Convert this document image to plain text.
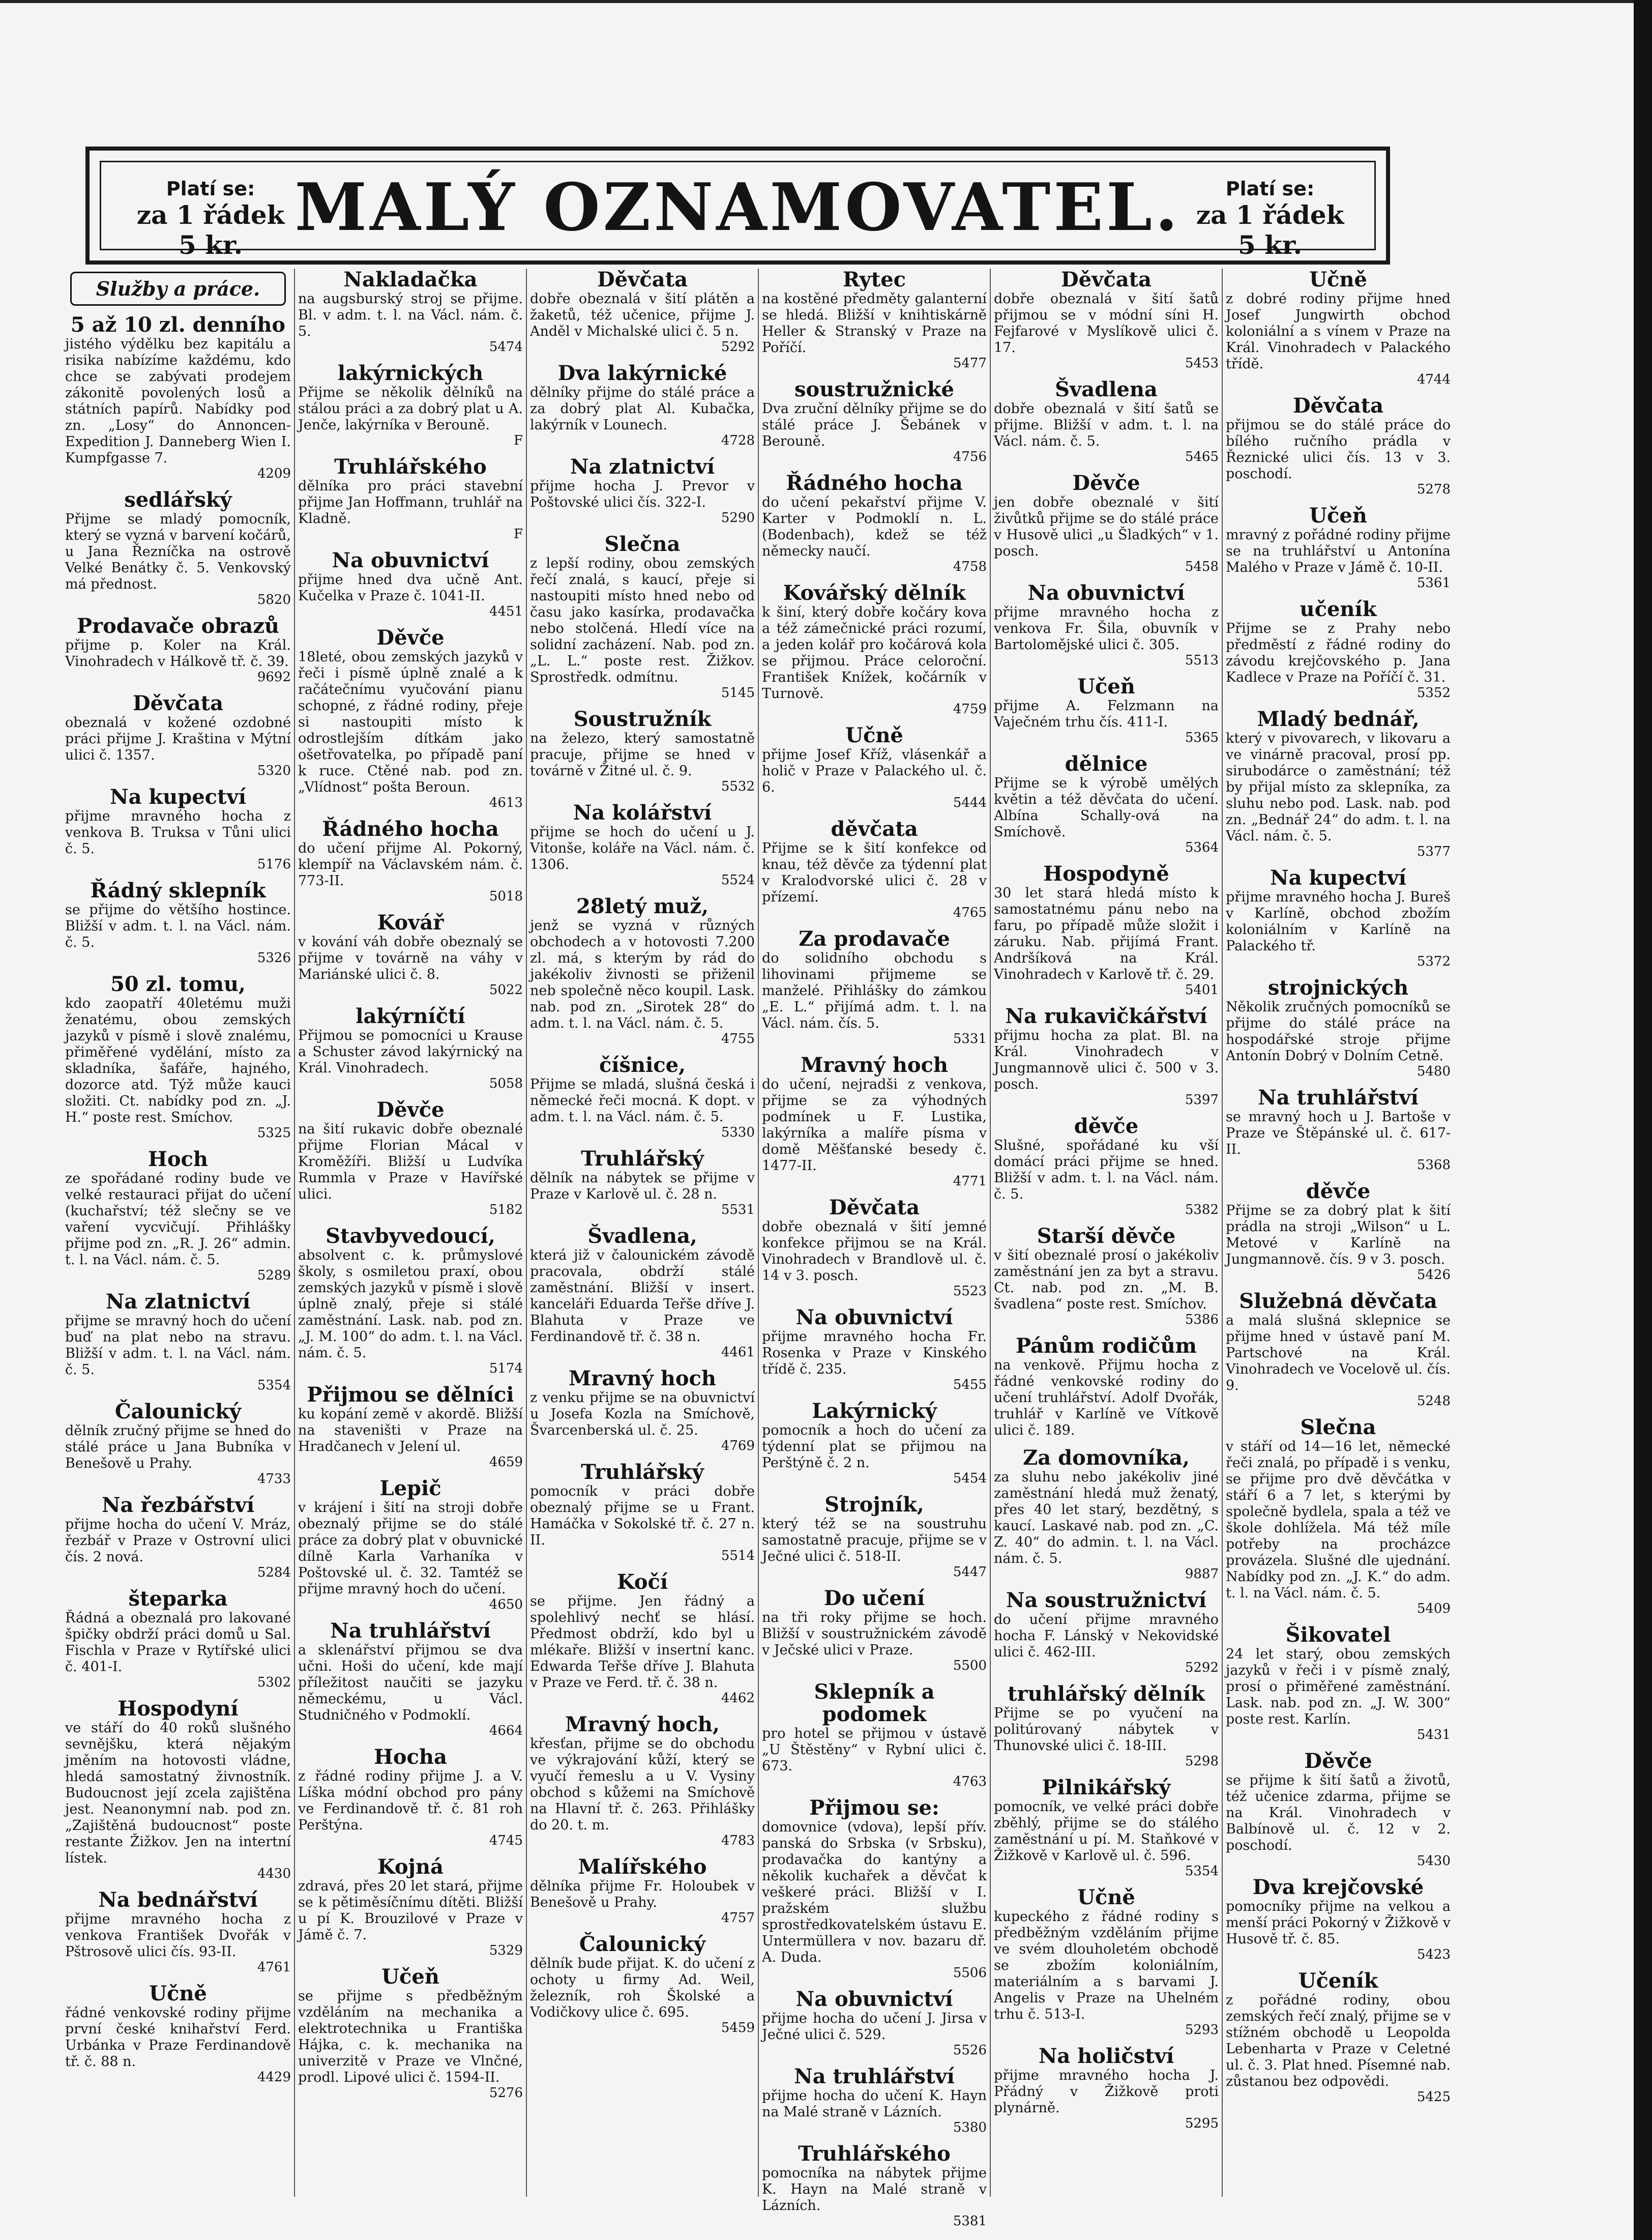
Platí se:
za 1 řádek 5 kr. MALÝ OZNAMOVATEL.	Platí se:
za 1 řádek 5 kr.
Služby a práce.
5 až 10 zl. denního
jistého výdělku bez kapitálu a risika nabízíme každému, kdo chce se zabývati prodejem zákonitě povolených losů a státních papírů. Nabídky pod zn. „Losy“ do Annoncen-Expedition J. Danneberg Wien I. Kumpfgasse 7.
4209
sedlářský
Přijme se mladý pomocník, který se vyzná v barvení kočárů, u Jana Řezníčka na ostrově Velké Benátky č. 5. Venkovský má přednost.
5820
Prodavače obrazů
přijme p. Koler na Král. Vinohradech v Hálkově tř. č. 39.
9692
Děvčata
obeznalá v kožené ozdobné práci přijme J. Kraština v Mýtní ulici č. 1357.
5320
Na kupectví
přijme mravného hocha z venkova B. Truksa v Tůni ulici č. 5.
5176
Řádný sklepník
se přijme do většího hostince. Bližší v adm. t. l. na Václ. nám. č. 5.
5326
50 zl. tomu,
kdo zaopatří 40letému muži ženatému, obou zemských jazyků v písmě i slově znalému, přiměřené vydělání, místo za skladníka, šafáře, hajného, dozorce atd. Týž může kauci složiti. Ct. nabídky pod zn. „J. H.“ poste rest. Smíchov.
5325
Hoch
ze spořádané rodiny bude ve velké restauraci přijat do učení (kuchařství; též slečny se ve vaření vycvičují. Přihlášky přijme pod zn. „R. J. 26“ admin. t. l. na Václ. nám. č. 5.
5289
Na zlatnictví
přijme se mravný hoch do učení buď na plat nebo na stravu. Bližší v adm. t. l. na Václ. nám. č. 5.
5354
Čalounický
dělník zručný přijme se hned do stálé práce u Jana Bubníka v Benešově u Prahy.
4733
Na řezbářství
přijme hocha do učení V. Mráz, řezbář v Praze v Ostrovní ulici čís. 2 nová.
5284
šteparka
Řádná a obeznalá pro lakované špičky obdrží práci domů u Sal. Fischla v Praze v Rytířské ulici č. 401-I.
5302
Hospodyní
ve stáří do 40 roků slušného sevnějšku, která nějakým jměním na hotovosti vládne, hledá samostatný živnostník. Budoucnost její zcela zajištěna jest. Neanonymní nab. pod zn. „Zajištěná budoucnost“ poste restante Žižkov. Jen na intertní lístek.
4430
Na bednářství
přijme mravného hocha z venkova František Dvořák v Pštrosově ulici čís. 93-II.
4761
Učně
řádné venkovské rodiny přijme první české knihařství Ferd. Urbánka v Praze Ferdinandově tř. č. 88 n.
4429
Nakladačka
na augsburský stroj se přijme. Bl. v adm. t. l. na Václ. nám. č. 5.
5474
lakýrnických
Přijme se několik dělníků na stálou práci a za dobrý plat u A. Jenče, lakýrníka v Berouně.
F
Truhlářského
dělníka pro práci stavební přijme Jan Hoffmann, truhlář na Kladně.
F
Na obuvnictví
přijme hned dva učně Ant. Kučelka v Praze č. 1041-II.
4451
Děvče
18leté, obou zemských jazyků v řeči i písmě úplně znalé a k račátečnímu vyučování pianu schopné, z řádné rodiny, přeje si nastoupiti místo k odrostlejším dítkám jako ošetřovatelka, po případě paní k ruce. Ctěné nab. pod zn. „Vlídnost“ pošta Beroun.
4613
Řádného hocha
do učení přijme Al. Pokorný, klempíř na Václavském nám. č. 773-II.
5018
Kovář
v kování váh dobře obeznalý se přijme v továrně na váhy v Mariánské ulici č. 8.
5022
lakýrníčtí
Přijmou se pomocníci u Krause a Schuster závod lakýrnický na Král. Vinohradech.
5058
Děvče
na šití rukavic dobře obeznalé přijme Florian Mácal v Kroměžíři. Bližší u Ludvíka Rummla v Praze v Havířské ulici.
5182
Stavbyvedoucí,
absolvent c. k. průmyslové školy, s osmiletou praxí, obou zemských jazyků v písmě i slově úplně znalý, přeje si stálé zaměstnání. Lask. nab. pod zn. „J. M. 100“ do adm. t. l. na Václ. nám. č. 5.
5174
Přijmou se dělníci
ku kopání země v akordě. Bližší na staveništi v Praze na Hradčanech v Jelení ul.
4659
Lepič
v krájení i šití na stroji dobře obeznalý přijme se do stálé práce za dobrý plat v obuvnické dílně Karla Varhaníka v Poštovské ul. č. 32. Tamtéž se přijme mravný hoch do učení.
4650
Na truhlářství
a sklenářství přijmou se dva učni. Hoši do učení, kde mají příležitost naučiti se jazyku německému, u Václ. Studničného v Podmoklí.
4664
Hocha
z řádné rodiny přijme J. a V. Líška módní obchod pro pány ve Ferdinandově tř. č. 81 roh Perštýna.
4745
Kojná
zdravá, přes 20 let stará, přijme se k pětiměsíčnímu dítěti. Bližší u pí K. Brouzilové v Praze v Jámě č. 7.
5329
Učeň
se přijme s předběžným vzděláním na mechanika a elektrotechnika u Františka Hájka, c. k. mechanika na univerzitě v Praze ve Vlnčné, prodl. Lipové ulici č. 1594-II.
5276
Děvčata
dobře obeznalá v šití plátěn a žaketů, též učenice, přijme J. Anděl v Michalské ulici č. 5 n.
5292
Dva lakýrnické
dělníky přijme do stálé práce a za dobrý plat Al. Kubačka, lakýrník v Lounech.
4728
Na zlatnictví
přijme hocha J. Prevor v Poštovské ulici čís. 322-I.
5290
Slečna
z lepší rodiny, obou zemských řečí znalá, s kaucí, přeje si nastoupiti místo hned nebo od času jako kasírka, prodavačka nebo stolčená. Hledí více na solidní zacházení. Nab. pod zn. „L. L.“ poste rest. Žižkov. Sprostředk. odmítnu.
5145
Soustružník
na železo, který samostatně pracuje, přijme se hned v továrně v Žitné ul. č. 9.
5532
Na kolářství
přijme se hoch do učení u J. Vitonše, koláře na Václ. nám. č. 1306.
5524
28letý muž,
jenž se vyzná v různých obchodech a v hotovosti 7.200 zl. má, s kterým by rád do jakékoliv živnosti se přiženil neb společně něco koupil. Lask. nab. pod zn. „Sirotek 28“ do adm. t. l. na Václ. nám. č. 5.
4755
číšnice,
Přijme se mladá, slušná česká i německé řeči mocná. K dopt. v adm. t. l. na Václ. nám. č. 5.
5330
Truhlářský
dělník na nábytek se přijme v Praze v Karlově ul. č. 28 n.
5531
Švadlena,
která již v čalounickém závodě pracovala, obdrží stálé zaměstnání. Bližší v insert. kanceláři Eduarda Teřše dříve J. Blahuta v Praze ve Ferdinandově tř. č. 38 n.
4461
Mravný hoch
z venku přijme se na obuvnictví u Josefa Kozla na Smíchově, Švarcenberská ul. č. 25.
4769
Truhlářský
pomocník v práci dobře obeznalý přijme se u Frant. Hamáčka v Sokolské tř. č. 27 n. II.
5514
Kočí
se přijme. Jen řádný a spolehlivý nechť se hlásí. Předmost obdrží, kdo byl u mlékaře. Bližší v insertní kanc. Edwarda Teřše dříve J. Blahuta v Praze ve Ferd. tř. č. 38 n.
4462
Mravný hoch,
křesťan, přijme se do obchodu ve výkrajování kůží, který se vyučí řemeslu a u V. Vysiny obchod s kůžemi na Smíchově na Hlavní tř. č. 263. Přihlášky do 20. t. m.
4783
Malířského
dělníka přijme Fr. Holoubek v Benešově u Prahy.
4757
Čalounický
dělník bude přijat. K. do učení z ochoty u firmy Ad. Weil, železník, roh Školské a Vodičkovy ulice č. 695.
5459
Rytec
na kostěné předměty galanterní se hledá. Bližší v knihtiskárně Heller & Stranský v Praze na Poříčí.
5477
soustružnické
Dva zruční dělníky přijme se do stálé práce J. Šebánek v Berouně.
4756
Řádného hocha
do učení pekařství přijme V. Karter v Podmoklí n. L. (Bodenbach), kdež se též německy naučí.
4758
Kovářský dělník
k šiní, který dobře kočáry kova a též zámečnické práci rozumí, a jeden kolář pro kočárová kola se přijmou. Práce celoroční. František Knížek, kočárník v Turnově.
4759
Učně
přijme Josef Kříž, vlásenkář a holič v Praze v Palackého ul. č. 6.
5444
děvčata
Přijme se k šití konfekce od knau, též děvče za týdenní plat v Kralodvorské ulici č. 28 v přízemí.
4765
Za prodavače
do solidního obchodu s lihovinami přijmeme se manželé. Přihlášky do zámkou „E. L.“ přijímá adm. t. l. na Václ. nám. čís. 5.
5331
Mravný hoch
do učení, nejradši z venkova, přijme se za výhodných podmínek u F. Lustika, lakýrníka a malíře písma v domě Měšťanské besedy č. 1477-II.
4771
Děvčata
dobře obeznalá v šití jemné konfekce přijmou se na Král. Vinohradech v Brandlově ul. č. 14 v 3. posch.
5523
Na obuvnictví
přijme mravného hocha Fr. Rosenka v Praze v Kinského třídě č. 235.
5455
Lakýrnický
pomocník a hoch do učení za týdenní plat se přijmou na Perštýně č. 2 n.
5454
Strojník,
který též se na soustruhu samostatně pracuje, přijme se v Ječné ulici č. 518-II.
5447
Do učení
na tři roky přijme se hoch. Bližší v soustružnickém závodě v Ječské ulici v Praze.
5500
Sklepník a podomek
pro hotel se přijmou v ústavě „U Štěstěny“ v Rybní ulici č. 673.
4763
Přijmou se:
domovnice (vdova), lepší přív. panská do Srbska (v Srbsku), prodavačka do kantýny a několik kuchařek a děvčat k veškeré práci. Bližší v I. pražském službu sprostředkovatelském ústavu E. Untermüllera v nov. bazaru dř. A. Duda.
5506
Na obuvnictví
přijme hocha do učení J. Jirsa v Ječné ulici č. 529.
5526
Na truhlářství
přijme hocha do učení K. Hayn na Malé straně v Lázních.
5380
Truhlářského
pomocníka na nábytek přijme K. Hayn na Malé straně v Lázních.
5381
Děvčata
dobře obeznalá v šití šatů přijmou se v módní síni H. Fejfarové v Myslíkově ulici č. 17.
5453
Švadlena
dobře obeznalá v šití šatů se přijme. Bližší v adm. t. l. na Václ. nám. č. 5.
5465
Děvče
jen dobře obeznalé v šití živůtků přijme se do stálé práce v Husově ulici „u Šladkých“ v 1. posch.
5458
Na obuvnictví
přijme mravného hocha z venkova Fr. Šila, obuvník v Bartolomějské ulici č. 305.
5513
Učeň
přijme A. Felzmann na Vaječném trhu čís. 411-I.
5365
dělnice
Přijme se k výrobě umělých květin a též děvčata do učení. Albína Schally-ová na Smíchově.
5364
Hospodyně
30 let stará hledá místo k samostatnému pánu nebo na faru, po případě může složit i záruku. Nab. přijímá Frant. Andršíková na Král. Vinohradech v Karlově tř. č. 29.
5401
Na rukavičkářství
přijmu hocha za plat. Bl. na Král. Vinohradech v Jungmannově ulici č. 500 v 3. posch.
5397
děvče
Slušné, spořádané ku vší domácí práci přijme se hned. Bližší v adm. t. l. na Václ. nám. č. 5.
5382
Starší děvče
v šití obeznalé prosí o jakékoliv zaměstnání jen za byt a stravu. Ct. nab. pod zn. „M. B. švadlena“ poste rest. Smíchov.
5386
Pánům rodičům
na venkově. Přijmu hocha z řádné venkovské rodiny do učení truhlářství. Adolf Dvořák, truhlář v Karlíně ve Vítkově ulici č. 189.
Za domovníka,
za sluhu nebo jakékoliv jiné zaměstnání hledá muž ženatý, přes 40 let starý, bezdětný, s kaucí. Laskavé nab. pod zn. „C. Z. 40“ do admin. t. l. na Václ. nám. č. 5.
9887
Na soustružnictví
do učení přijme mravného hocha F. Lánský v Nekovidské ulici č. 462-III.
5292
truhlářský dělník
Přijme se po vyučení na politúrovaný nábytek v Thunovské ulici č. 18-III.
5298
Pilnikářský
pomocník, ve velké práci dobře zběhlý, přijme se do stálého zaměstnání u pí. M. Staňkové v Žižkově v Karlově ul. č. 596.
5354
Učně
kupeckého z řádné rodiny s předběžným vzděláním přijme ve svém dlouholetém obchodě se zbožím koloniálním, materiálním a s barvami J. Angelis v Praze na Uhelném trhu č. 513-I.
5293
Na holičství
přijme mravného hocha J. Přádný v Žižkově proti plynárně.
5295
Učně
z dobré rodiny přijme hned Josef Jungwirth obchod koloniální a s vínem v Praze na Král. Vinohradech v Palackého třídě.
4744
Děvčata
přijmou se do stálé práce do bílého ručního prádla v Řeznické ulici čís. 13 v 3. poschodí.
5278
Učeň
mravný z pořádné rodiny přijme se na truhlářství u Antonína Malého v Praze v Jámě č. 10-II.
5361
učeník
Přijme se z Prahy nebo předměstí z řádné rodiny do závodu krejčovského p. Jana Kadlece v Praze na Poříčí č. 31.
5352
Mladý bednář,
který v pivovarech, v likovaru a ve vinárně pracoval, prosí pp. sirubodárce o zaměstnání; též by přijal místo za sklepníka, za sluhu nebo pod. Lask. nab. pod zn. „Bednář 24“ do adm. t. l. na Václ. nám. č. 5.
5377
Na kupectví
přijme mravného hocha J. Bureš v Karlíně, obchod zbožím koloniálním v Karlíně na Palackého tř.
5372
strojnických
Několik zručných pomocníků se přijme do stálé práce na hospodářské stroje přijme Antonín Dobrý v Dolním Cetně.
5480
Na truhlářství
se mravný hoch u J. Bartoše v Praze ve Štěpánské ul. č. 617-II.
5368
děvče
Přijme se za dobrý plat k šití prádla na stroji „Wilson“ u L. Metové v Karlíně na Jungmannově. čís. 9 v 3. posch.
5426
Služebná děvčata
a malá slušná sklepnice se přijme hned v ústavě paní M. Partschové na Král. Vinohradech ve Vocelově ul. čís. 9.
5248
Slečna
v stáří od 14—16 let, německé řeči znalá, po případě i s venku, se přijme pro dvě děvčátka v stáří 6 a 7 let, s kterými by společně bydlela, spala a též ve škole dohlížela. Má též míle potřeby na procházce provázela. Slušné dle ujednání. Nabídky pod zn. „J. K.“ do adm. t. l. na Václ. nám. č. 5.
5409
Šikovatel
24 let starý, obou zemských jazyků v řeči i v písmě znalý, prosí o přiměřené zaměstnání. Lask. nab. pod zn. „J. W. 300“ poste rest. Karlín.
5431
Děvče
se přijme k šití šatů a životů, též učenice zdarma, přijme se na Král. Vinohradech v Balbínově ul. č. 12 v 2. poschodí.
5430
Dva krejčovské
pomocníky přijme na velkou a menší práci Pokorný v Žižkově v Husově tř. č. 85.
5423
Učeník
z pořádné rodiny, obou zemských řečí znalý, přijme se v stížném obchodě u Leopolda Lebenharta v Praze v Celetné ul. č. 3. Plat hned. Písemné nab. zůstanou bez odpovědi.
5425
